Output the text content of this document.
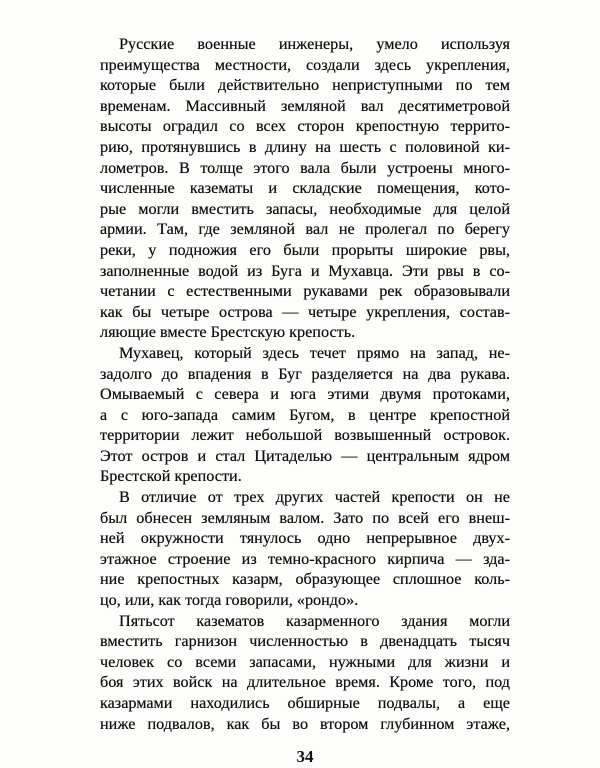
Русские военные инженеры, умело используя
преимущества местности, создали здесь укрепления,
которые были действительно неприступными по тем
временам. Массивный земляной вал десятиметровой
высоты оградил со всех сторон крепостную террито-
рию, протянувшись в длину на шесть с половиной ки-
лометров. В толще этого вала были устроены много-
численные казематы и складские помещения, кото-
рые могли вместить запасы, необходимые для целой
армии. Там, где земляной вал не пролегал по берегу
реки, у подножия его были прорыты широкие рвы,
заполненные водой из Буга и Мухавца. Эти рвы в со-
четании с естественными рукавами рек образовывали
как бы четыре острова — четыре укрепления, состав-
ляющие вместе Брестскую крепость.
Мухавец, который здесь течет прямо на запад, не-
задолго до впадения в Буг разделяется на два рукава.
Омываемый с севера и юга этими двумя протоками,
а с юго-запада самим Бугом, в центре крепостной
территории лежит небольшой возвышенный островок.
Этот остров и стал Цитаделью — центральным ядром
Брестской крепости.
В отличие от трех других частей крепости он не
был обнесен земляным валом. Зато по всей его внеш-
ней окружности тянулось одно непрерывное двух-
этажное строение из темно-красного кирпича — зда-
ние крепостных казарм, образующее сплошное коль-
цо, или, как тогда говорили, «рондо».
Пятьсот казематов казарменного здания могли
вместить гарнизон численностью в двенадцать тысяч
человек со всеми запасами, нужными для жизни и
боя этих войск на длительное время. Кроме того, под
казармами находились обширные подвалы, а еще
ниже подвалов, как бы во втором глубинном этаже,
34
